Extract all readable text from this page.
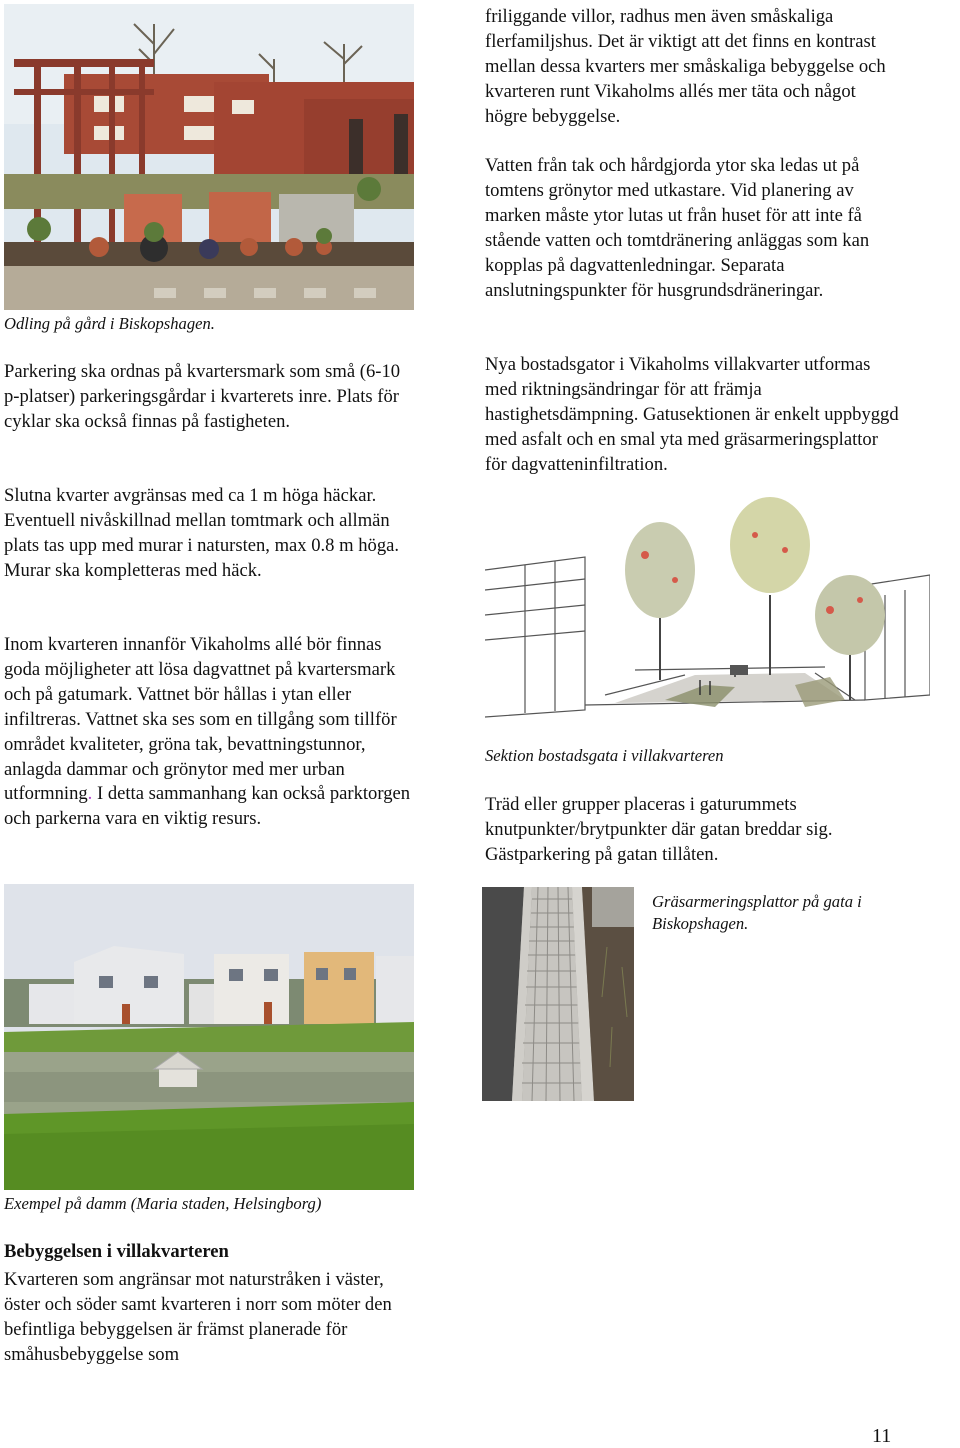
Odling på gård i Biskopshagen.

Parkering ska ordnas på kvartersmark som små (6-10 p-platser) parkeringsgårdar i kvarterets inre. Plats för cyklar ska också finnas på fastigheten.

Slutna kvarter avgränsas med ca 1 m höga häckar. Eventuell nivåskillnad mellan tomtmark och allmän plats tas upp med murar i natursten, max 0.8 m höga. Murar ska kompletteras med häck.

Inom kvarteren innanför Vikaholms allé bör finnas goda möjligheter att lösa dagvattnet på kvartersmark och på gatumark. Vattnet bör hållas i ytan eller infiltreras. Vattnet ska ses som en tillgång som tillför området kvaliteter, gröna tak, bevattningstunnor, anlagda dammar och grönytor med mer urban utformning. I detta sammanhang kan också parktorgen och parkerna vara en viktig resurs.

Exempel på damm (Maria staden, Helsingborg)

Bebyggelsen i villakvarteren

Kvarteren som angränsar mot naturstråken i väster, öster och söder samt kvarteren i norr som möter den befintliga bebyggelsen är främst planerade för småhusbebyggelse som

friliggande villor, radhus men även småskaliga flerfamiljshus. Det är viktigt att det finns en kontrast mellan dessa kvarters mer småskaliga bebyggelse och kvarteren runt Vikaholms allés mer täta och något högre bebyggelse.

Vatten från tak och hårdgjorda ytor ska ledas ut på tomtens grönytor med utkastare. Vid planering av marken måste ytor lutas ut från huset för att inte få stående vatten och tomtdränering anläggas som kan kopplas på dagvattenledningar. Separata anslutningspunkter för husgrundsdräneringar.

Nya bostadsgator i Vikaholms villakvarter utformas med riktningsändringar för att främja hastighetsdämpning. Gatusektionen är enkelt uppbyggd med asfalt och en smal yta med gräsarmeringsplattor för dagvatteninfiltration.

Sektion bostadsgata i villakvarteren

Träd eller grupper placeras i gaturummets knutpunkter/brytpunkter där gatan breddar sig. Gästparkering på gatan tillåten.

Gräsarmeringsplattor på gata i Biskopshagen.

11
